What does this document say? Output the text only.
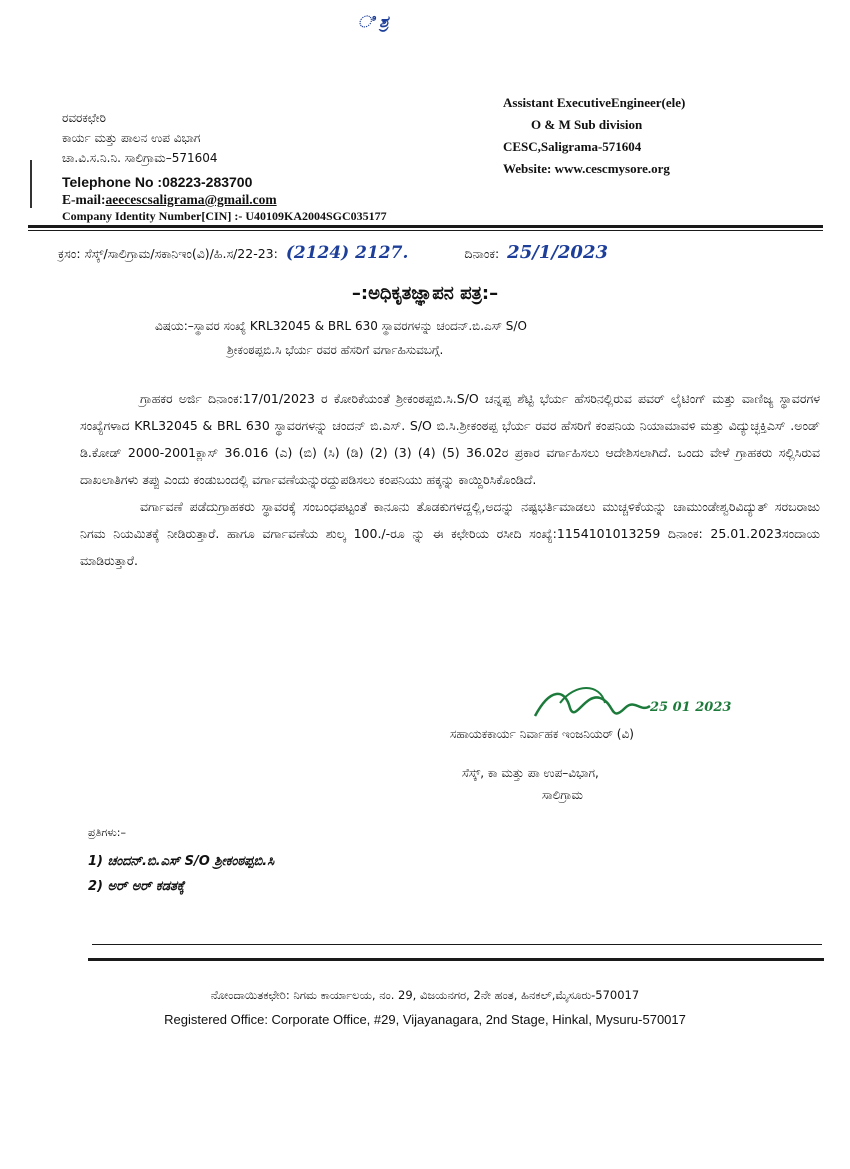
ಿ ಶ್ರ
ರವರಕಛೇರಿ
ಕಾರ್ಯ ಮತ್ತು ಪಾಲನ ಉಪ ವಿಭಾಗ
ಚಾ.ವಿ.ಸ.ನಿ.ನಿ. ಸಾಲಿಗ್ರಾಮ–571604
Telephone No :08223-283700
E-mail:aeecescsaligrama@gmail.com
Company Identity Number[CIN] :- U40109KA2004SGC035177
Assistant ExecutiveEngineer(ele)
O & M Sub division
CESC,Saligrama-571604
Website: www.cescmysore.org
ಕ್ರಸಂ: ಸೆಸ್ಕ್/ಸಾಲಿಗ್ರಾಮ/ಸಕಾನಿಇಂ(ವಿ)/ಹಿ.ಸ/22-23: (2124) 2127.	ದಿನಾಂಕ: 25/1/2023
–:ಅಧಿಕೃತಜ್ಞಾಪನ ಪತ್ರ:–
ವಿಷಯ:–ಸ್ಥಾವರ ಸಂಖ್ಯೆ KRL32045 & BRL 630 ಸ್ಥಾವರಗಳನ್ನು ಚಂದನ್.ಬಿ.ಎಸ್ S/O
ಶ್ರೀಕಂಠಪ್ಪಬಿ.ಸಿ ಭೆರ್ಯ ರವರ ಹೆಸರಿಗೆ ವರ್ಗಾಹಿಸುವಬಗ್ಗೆ.

ಗ್ರಾಹಕರ ಅರ್ಜಿ ದಿನಾಂಕ:17/01/2023 ರ ಕೋರಿಕೆಯಂತೆ ಶ್ರೀಕಂಠಪ್ಪಬಿ.ಸಿ.S/O ಚನ್ನಪ್ಪ ಶೆಟ್ಟಿ ಭೆರ್ಯ ಹೆಸರಿನಲ್ಲಿರುವ ಪವರ್ ಲೈಟಿಂಗ್ ಮತ್ತು ವಾಣಿಜ್ಯ ಸ್ಥಾವರಗಳ ಸಂಖ್ಯೆಗಳಾದ KRL32045 & BRL 630 ಸ್ಥಾವರಗಳನ್ನು ಚಂದನ್ ಬಿ.ಎಸ್. S/O ಬಿ.ಸಿ.ಶ್ರೀಕಂಠಪ್ಪ ಭೆರ್ಯ ರವರ ಹೆಸರಿಗೆ ಕಂಪನಿಯ ನಿಯಾಮಾವಳಿ ಮತ್ತು ವಿದ್ಯುಚ್ಛಕ್ತಿಎಸ್ .ಅಂಡ್ ಡಿ.ಕೋಡ್ 2000-2001ಕ್ಲಾಸ್ 36.016 (ಎ) (ಬಿ) (ಸಿ) (ಡಿ) (2) (3) (4) (5) 36.02ರ ಪ್ರಕಾರ ವರ್ಗಾಹಿಸಲು ಆದೇಶಿಸಲಾಗಿದೆ. ಒಂದು ವೇಳೆ ಗ್ರಾಹಕರು ಸಲ್ಲಿಸಿರುವ ದಾಖಲಾತಿಗಳು ತಪ್ಪು ಎಂದು ಕಂಡುಬಂದಲ್ಲಿ ವರ್ಗಾವಣೆಯನ್ನುರದ್ದುಪಡಿಸಲು ಕಂಪನಿಯು ಹಕ್ಕನ್ನು ಕಾಯ್ದಿರಿಸಿಕೊಂಡಿದೆ.

ವರ್ಗಾವಣೆ ಪಡೆದುಗ್ರಾಹಕರು ಸ್ಥಾವರಕ್ಕೆ ಸಂಬಂಧಪಟ್ಟಂತೆ ಕಾನೂನು ತೊಡಕುಗಳದ್ದಲ್ಲಿ,ಅದನ್ನು ನಷ್ಟಭರ್ತಿಮಾಡಲು ಮುಚ್ಚಳಿಕೆಯನ್ನು ಚಾಮುಂಡೇಶ್ವರಿವಿದ್ಯುತ್ ಸರಬರಾಜು ನಿಗಮ ನಿಯಮಿತಕ್ಕೆ ನೀಡಿರುತ್ತಾರೆ. ಹಾಗೂ ವರ್ಗಾವಣೆಯ ಶುಲ್ಕ 100./-ರೂ ನ್ನು ಈ ಕಛೇರಿಯ ರಸೀದಿ ಸಂಖ್ಯೆ:1154101013259 ದಿನಾಂಕ: 25.01.2023ಸಂದಾಯ ಮಾಡಿರುತ್ತಾರೆ.

25 01 2023
ಸಹಾಯಕಕಾರ್ಯ ನಿರ್ವಾಹಕ ಇಂಜನಿಯರ್ (ವಿ)
ಸೆಸ್ಕ್, ಕಾ ಮತ್ತು ಪಾ ಉಪ–ವಿಭಾಗ,
ಸಾಲಿಗ್ರಾಮ
ಪ್ರತಿಗಳು:–
1) ಚಂದನ್.ಬಿ.ಎಸ್ S/O ಶ್ರೀಕಂಠಪ್ಪಬಿ.ಸಿ
2) ಅರ್ ಅರ್ ಕಡತಕ್ಕೆ
ನೋಂದಾಯಿತಕಛೇರಿ: ನಿಗಮ ಕಾರ್ಯಾಲಯ, ನಂ. 29, ವಿಜಯನಗರ, 2ನೇ ಹಂತ, ಹಿನಕಲ್,ಮೈಸೂರು-570017
Registered Office: Corporate Office, #29, Vijayanagara, 2nd Stage, Hinkal, Mysuru-570017
